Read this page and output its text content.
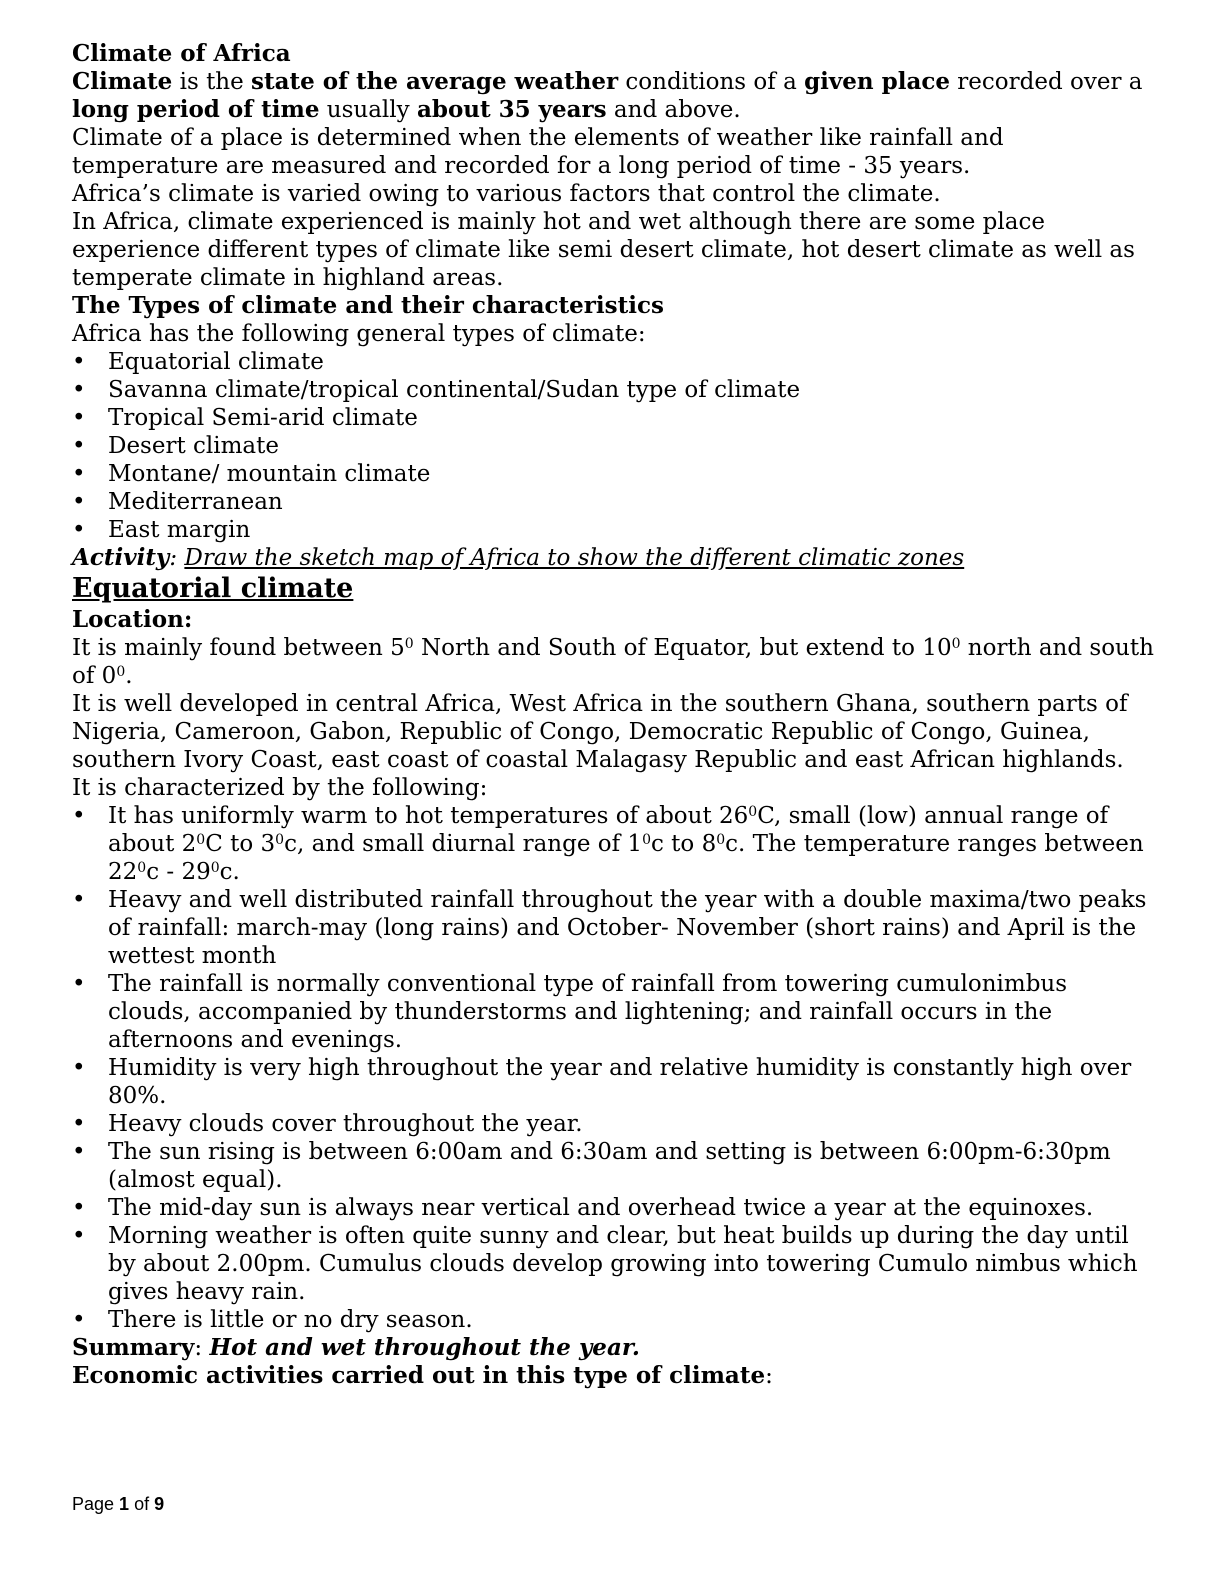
Climate of Africa

Climate is the state of the average weather conditions of a given place recorded over a long period of time usually about 35 years and above.

Climate of a place is determined when the elements of weather like rainfall and temperature are measured and recorded for a long period of time - 35 years.

Africa’s climate is varied owing to various factors that control the climate.

In Africa, climate experienced is mainly hot and wet although there are some place experience different types of climate like semi desert climate, hot desert climate as well as temperate climate in highland areas.

The Types of climate and their characteristics

Africa has the following general types of climate:

• Equatorial climate
• Savanna climate/tropical continental/Sudan type of climate
• Tropical Semi-arid climate
• Desert climate
• Montane/ mountain climate
• Mediterranean
• East margin

Activity: Draw the sketch map of Africa to show the different climatic zones

Equatorial climate

Location:

It is mainly found between $5^0$ North and South of Equator, but extend to $10^0$ north and south of $0^0$.

It is well developed in central Africa, West Africa in the southern Ghana, southern parts of Nigeria, Cameroon, Gabon, Republic of Congo, Democratic Republic of Congo, Guinea, southern Ivory Coast, east coast of coastal Malagasy Republic and east African highlands.

It is characterized by the following:

• It has uniformly warm to hot temperatures of about $26^0C$, small (low) annual range of about $2^0C$ to $3^0c$, and small diurnal range of $1^0c$ to $8^0c$. The temperature ranges between $22^0c - 29^0c$.
• Heavy and well distributed rainfall throughout the year with a double maxima/two peaks of rainfall: march-may (long rains) and October- November (short rains) and April is the wettest month
• The rainfall is normally conventional type of rainfall from towering cumulonimbus clouds, accompanied by thunderstorms and lightening; and rainfall occurs in the afternoons and evenings.
• Humidity is very high throughout the year and relative humidity is constantly high over 80%.
• Heavy clouds cover throughout the year.
• The sun rising is between 6:00am and 6:30am and setting is between 6:00pm-6:30pm (almost equal).
• The mid-day sun is always near vertical and overhead twice a year at the equinoxes.
• Morning weather is often quite sunny and clear, but heat builds up during the day until by about 2.00pm. Cumulus clouds develop growing into towering Cumulo nimbus which gives heavy rain.
• There is little or no dry season.

Summary: Hot and wet throughout the year.

Economic activities carried out in this type of climate:

Page 1 of 9
